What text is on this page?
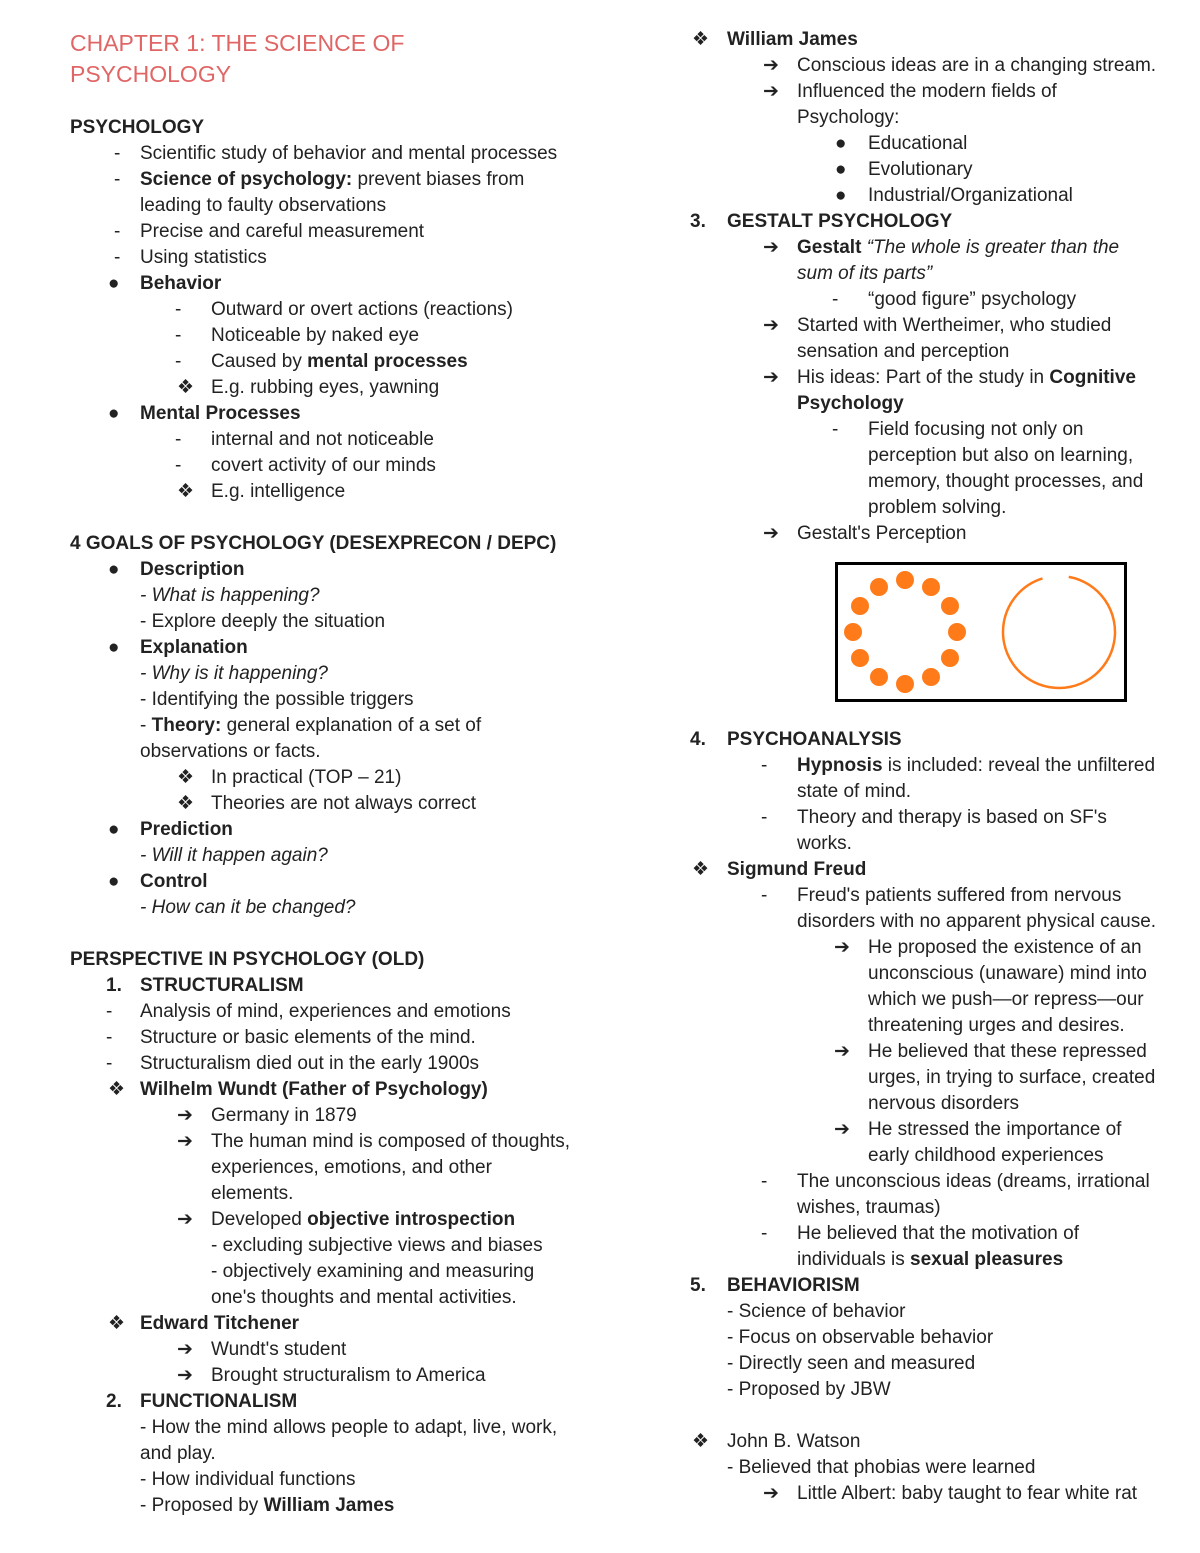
CHAPTER 1: THE SCIENCE OF
PSYCHOLOGY
PSYCHOLOGY
- Scientific study of behavior and mental processes
- Science of psychology: prevent biases from
leading to faulty observations
- Precise and careful measurement
- Using statistics
● Behavior
- Outward or overt actions (reactions)
- Noticeable by naked eye
- Caused by mental processes
❖ E.g. rubbing eyes, yawning
● Mental Processes
- internal and not noticeable
- covert activity of our minds
❖ E.g. intelligence
4 GOALS OF PSYCHOLOGY (DESEXPRECON / DEPC)
● Description
- What is happening?
- Explore deeply the situation
● Explanation
- Why is it happening?
- Identifying the possible triggers
- Theory: general explanation of a set of
observations or facts.
❖ In practical (TOP – 21)
❖ Theories are not always correct
● Prediction
- Will it happen again?
● Control
- How can it be changed?
PERSPECTIVE IN PSYCHOLOGY (OLD)
1. STRUCTURALISM
- Analysis of mind, experiences and emotions
- Structure or basic elements of the mind.
- Structuralism died out in the early 1900s
❖ Wilhelm Wundt (Father of Psychology)
➔ Germany in 1879
➔ The human mind is composed of thoughts,
experiences, emotions, and other
elements.
➔ Developed objective introspection
- excluding subjective views and biases
- objectively examining and measuring
one's thoughts and mental activities.
❖ Edward Titchener
➔ Wundt's student
➔ Brought structuralism to America
2. FUNCTIONALISM
- How the mind allows people to adapt, live, work,
and play.
- How individual functions
- Proposed by William James
❖ William James
➔ Conscious ideas are in a changing stream.
➔ Influenced the modern fields of
Psychology:
● Educational
● Evolutionary
● Industrial/Organizational
3. GESTALT PSYCHOLOGY
➔ Gestalt “The whole is greater than the
sum of its parts”
- “good figure” psychology
➔ Started with Wertheimer, who studied
sensation and perception
➔ His ideas: Part of the study in Cognitive
Psychology
- Field focusing not only on
perception but also on learning,
memory, thought processes, and
problem solving.
➔ Gestalt's Perception
4. PSYCHOANALYSIS
- Hypnosis is included: reveal the unfiltered
state of mind.
- Theory and therapy is based on SF's
works.
❖ Sigmund Freud
- Freud's patients suffered from nervous
disorders with no apparent physical cause.
➔ He proposed the existence of an
unconscious (unaware) mind into
which we push—or repress—our
threatening urges and desires.
➔ He believed that these repressed
urges, in trying to surface, created
nervous disorders
➔ He stressed the importance of
early childhood experiences
- The unconscious ideas (dreams, irrational
wishes, traumas)
- He believed that the motivation of
individuals is sexual pleasures
5. BEHAVIORISM
- Science of behavior
- Focus on observable behavior
- Directly seen and measured
- Proposed by JBW
❖ John B. Watson
- Believed that phobias were learned
➔ Little Albert: baby taught to fear white rat
